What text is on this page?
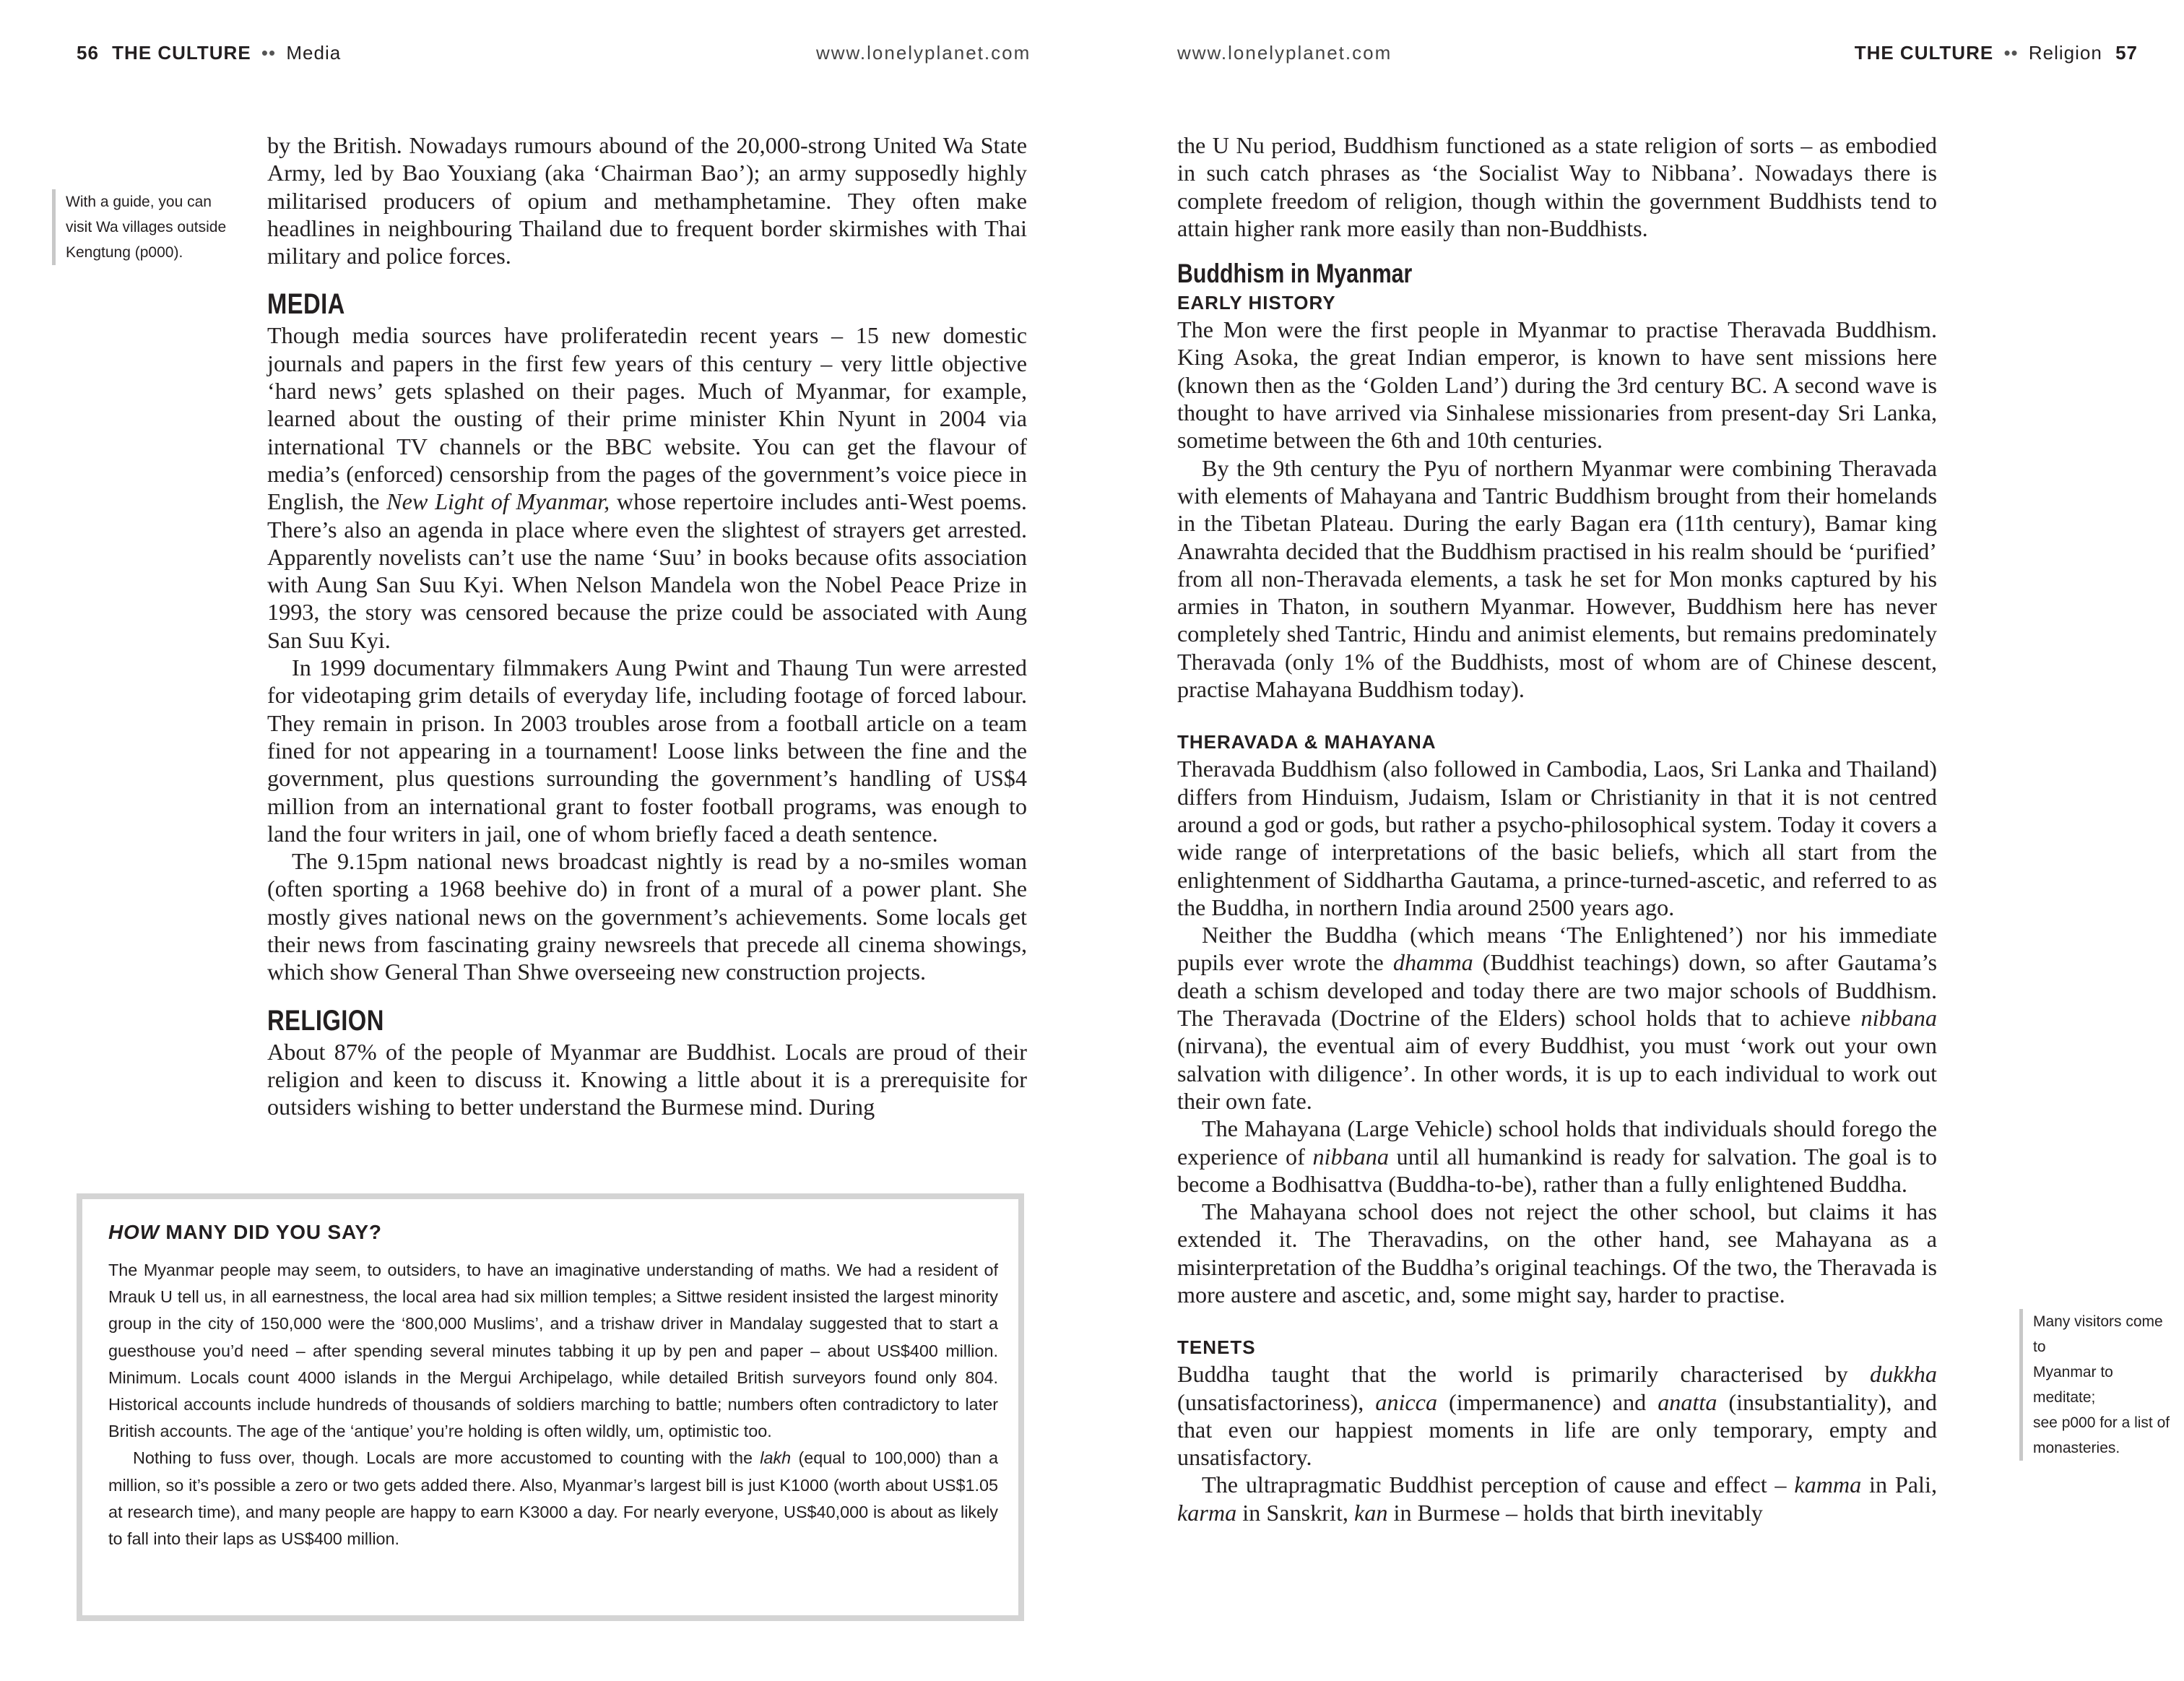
56 THE CULTURE •• Media	www.lonelyplanet.com
With a guide, you can
visit Wa villages outside
Kengtung (p000).

by the British. Nowadays rumours abound of the 20,000-strong United Wa State Army, led by Bao Youxiang (aka ‘Chairman Bao’); an army supposedly highly militarised producers of opium and methamphetamine. They often make headlines in neighbouring Thailand due to frequent border skirmishes with Thai military and police forces.

MEDIA

Though media sources have proliferatedin recent years – 15 new domestic journals and papers in the first few years of this century – very little objective ‘hard news’ gets splashed on their pages. Much of Myanmar, for example, learned about the ousting of their prime minister Khin Nyunt in 2004 via international TV channels or the BBC website. You can get the flavour of media’s (enforced) censorship from the pages of the government’s voice piece in English, the New Light of Myanmar, whose repertoire includes anti-West poems. There’s also an agenda in place where even the slightest of strayers get arrested. Apparently novelists can’t use the name ‘Suu’ in books because ofits association with Aung San Suu Kyi. When Nelson Mandela won the Nobel Peace Prize in 1993, the story was censored because the prize could be associated with Aung San Suu Kyi.

In 1999 documentary filmmakers Aung Pwint and Thaung Tun were arrested for videotaping grim details of everyday life, including footage of forced labour. They remain in prison. In 2003 troubles arose from a football article on a team fined for not appearing in a tournament! Loose links between the fine and the government, plus questions surrounding the government’s handling of US$4 million from an international grant to foster football programs, was enough to land the four writers in jail, one of whom briefly faced a death sentence.

The 9.15pm national news broadcast nightly is read by a no-smiles woman (often sporting a 1968 beehive do) in front of a mural of a power plant. She mostly gives national news on the government’s achievements. Some locals get their news from fascinating grainy newsreels that precede all cinema showings, which show General Than Shwe overseeing new construction projects.

RELIGION

About 87% of the people of Myanmar are Buddhist. Locals are proud of their religion and keen to discuss it. Knowing a little about it is a prerequisite for outsiders wishing to better understand the Burmese mind. During

HOW MANY DID YOU SAY?

The Myanmar people may seem, to outsiders, to have an imaginative understanding of maths. We had a resident of Mrauk U tell us, in all earnestness, the local area had six million temples; a Sittwe resident insisted the largest minority group in the city of 150,000 were the ‘800,000 Muslims’, and a trishaw driver in Mandalay suggested that to start a guesthouse you’d need – after spending several minutes tabbing it up by pen and paper – about US$400 million. Minimum. Locals count 4000 islands in the Mergui Archipelago, while detailed British surveyors found only 804. Historical accounts include hundreds of thousands of soldiers marching to battle; numbers often contradictory to later British accounts. The age of the ‘antique’ you’re holding is often wildly, um, optimistic too.

Nothing to fuss over, though. Locals are more accustomed to counting with the lakh (equal to 100,000) than a million, so it’s possible a zero or two gets added there. Also, Myanmar’s largest bill is just K1000 (worth about US$1.05 at research time), and many people are happy to earn K3000 a day. For nearly everyone, US$40,000 is about as likely to fall into their laps as US$400 million.

www.lonelyplanet.com	THE CULTURE •• Religion 57

the U Nu period, Buddhism functioned as a state religion of sorts – as embodied in such catch phrases as ‘the Socialist Way to Nibbana’. Nowadays there is complete freedom of religion, though within the government Buddhists tend to attain higher rank more easily than non-Buddhists.

Buddhism in Myanmar
EARLY HISTORY

The Mon were the first people in Myanmar to practise Theravada Buddhism. King Asoka, the great Indian emperor, is known to have sent missions here (known then as the ‘Golden Land’) during the 3rd century BC. A second wave is thought to have arrived via Sinhalese missionaries from present-day Sri Lanka, sometime between the 6th and 10th centuries.

By the 9th century the Pyu of northern Myanmar were combining Theravada with elements of Mahayana and Tantric Buddhism brought from their homelands in the Tibetan Plateau. During the early Bagan era (11th century), Bamar king Anawrahta decided that the Buddhism practised in his realm should be ‘purified’ from all non-Theravada elements, a task he set for Mon monks captured by his armies in Thaton, in southern Myanmar. However, Buddhism here has never completely shed Tantric, Hindu and animist elements, but remains predominately Theravada (only 1% of the Buddhists, most of whom are of Chinese descent, practise Mahayana Buddhism today).

THERAVADA & MAHAYANA

Theravada Buddhism (also followed in Cambodia, Laos, Sri Lanka and Thailand) differs from Hinduism, Judaism, Islam or Christianity in that it is not centred around a god or gods, but rather a psycho-philosophical system. Today it covers a wide range of interpretations of the basic beliefs, which all start from the enlightenment of Siddhartha Gautama, a prince-turned-ascetic, and referred to as the Buddha, in northern India around 2500 years ago.

Neither the Buddha (which means ‘The Enlightened’) nor his immediate pupils ever wrote the dhamma (Buddhist teachings) down, so after Gautama’s death a schism developed and today there are two major schools of Buddhism. The Theravada (Doctrine of the Elders) school holds that to achieve nibbana (nirvana), the eventual aim of every Buddhist, you must ‘work out your own salvation with diligence’. In other words, it is up to each individual to work out their own fate.

The Mahayana (Large Vehicle) school holds that individuals should forego the experience of nibbana until all humankind is ready for salvation. The goal is to become a Bodhisattva (Buddha-to-be), rather than a fully enlightened Buddha.

The Mahayana school does not reject the other school, but claims it has extended it. The Theravadins, on the other hand, see Mahayana as a misinterpretation of the Buddha’s original teachings. Of the two, the Theravada is more austere and ascetic, and, some might say, harder to practise.

TENETS

Buddha taught that the world is primarily characterised by dukkha (unsatisfactoriness), anicca (impermanence) and anatta (insubstantiality), and that even our happiest moments in life are only temporary, empty and unsatisfactory.

The ultrapragmatic Buddhist perception of cause and effect – kamma in Pali, karma in Sanskrit, kan in Burmese – holds that birth inevitably

Many visitors come to
Myanmar to meditate;
see p000 for a list of
monasteries.
